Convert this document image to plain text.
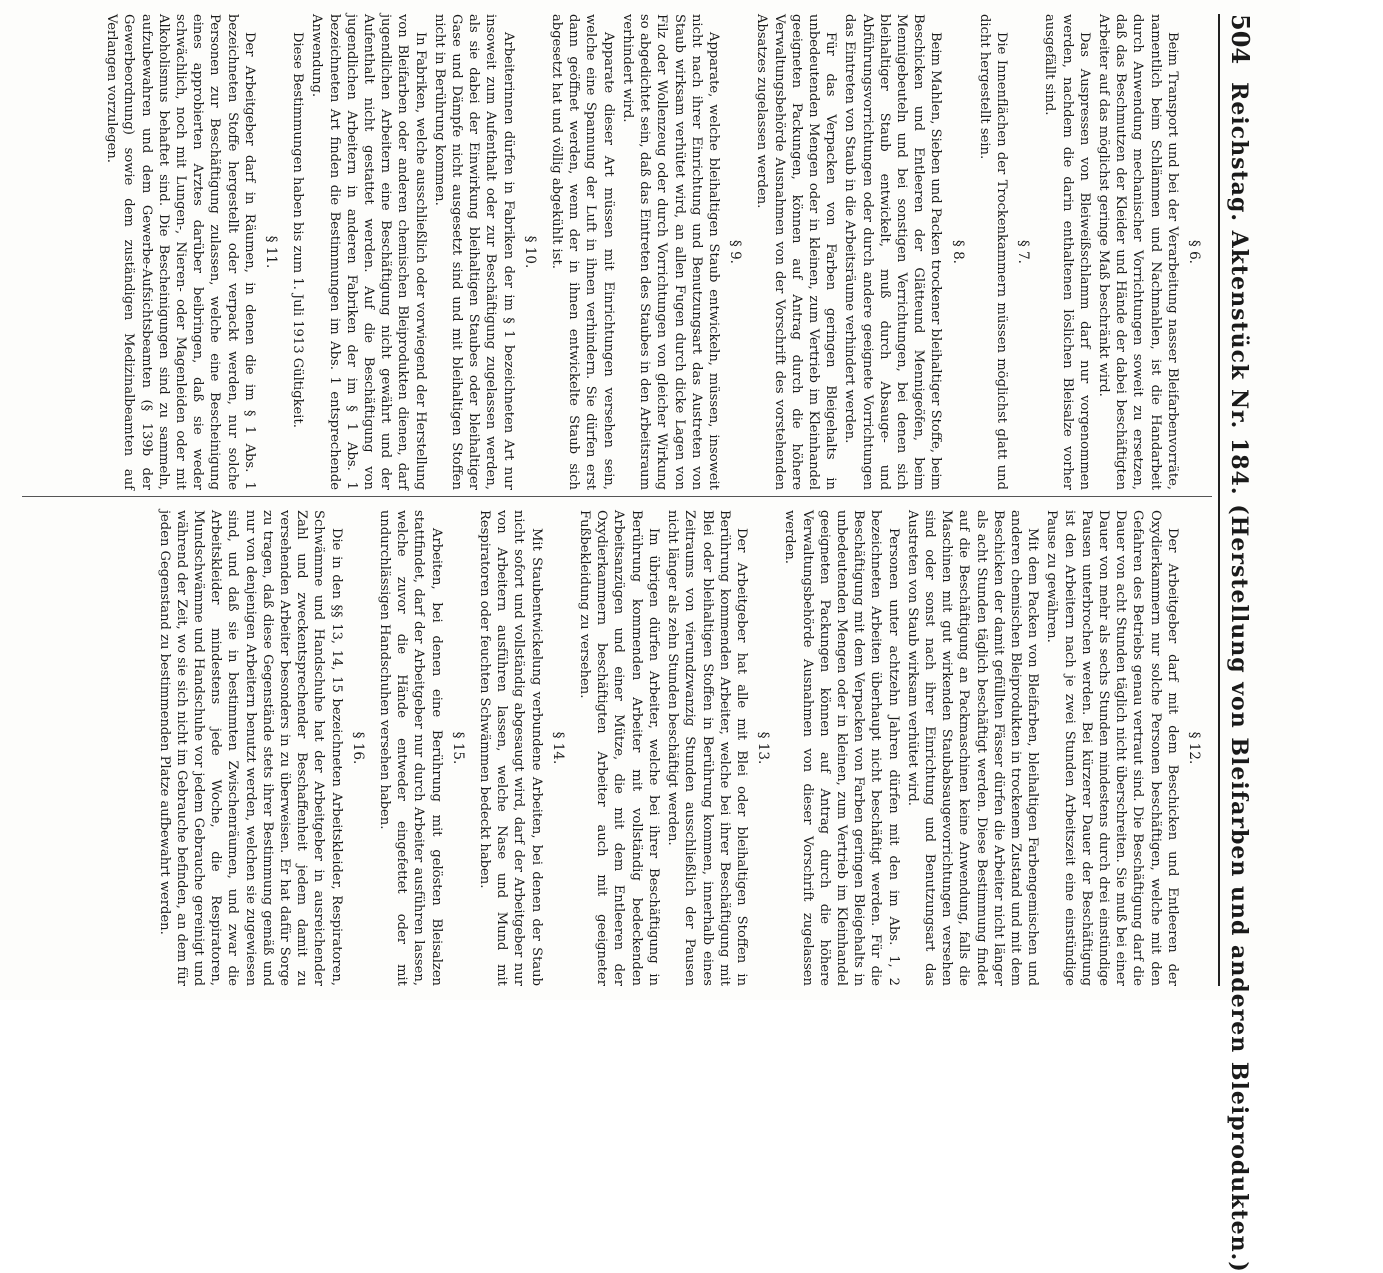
504
Reichstag. Aktenstück Nr. 184. (Herstellung von Bleifarben und anderen Bleiprodukten.)
§ 6.

Beim Transport und bei der Verarbeitung nasser Bleifarbenvorräte, namentlich beim Schlämmen und Nachmahlen, ist die Handarbeit durch Anwendung mechanischer Vorrichtungen soweit zu ersetzen, daß das Beschmutzen der Kleider und Hände der dabei beschäftigten Arbeiter auf das möglichst geringe Maß beschränkt wird.

Das Auspressen von Bleiweißschlamm darf nur vorgenommen werden, nachdem die darin enthaltenen löslichen Bleisalze vorher ausgefällt sind.

§ 7.

Die Innenflächen der Trockenkammern müssen möglichst glatt und dicht hergestellt sein.

§ 8.

Beim Mahlen, Sieben und Packen trockener bleihaltiger Stoffe, beim Beschicken und Entleeren der Glätteund Mennigeöfen, beim Mennigebeuteln und bei sonstigen Verrichtungen, bei denen sich bleihaltiger Staub entwickelt, muß durch Absauge- und Abführungsvorrichtungen oder durch andere geeignete Vorrichtungen das Eintreten von Staub in die Arbeitsräume verhindert werden.

Für das Verpacken von Farben geringen Bleigehalts in unbedeutenden Mengen oder in kleinen, zum Vertrieb im Kleinhandel geeigneten Packungen, können auf Antrag durch die höhere Verwaltungsbehörde Ausnahmen von der Vorschrift des vorstehenden Absatzes zugelassen werden.

§ 9.

Apparate, welche bleihaltigen Staub entwickeln, müssen, insoweit nicht nach ihrer Einrichtung und Benutzungsart das Austreten von Staub wirksam verhütet wird, an allen Fugen durch dicke Lagen von Filz oder Wollenzeug oder durch Vorrichtungen von gleicher Wirkung so abgedichtet sein, daß das Eintreten des Staubes in den Arbeitsraum verhindert wird.

Apparate dieser Art müssen mit Einrichtungen versehen sein, welche eine Spannung der Luft in ihnen verhindern. Sie dürfen erst dann geöffnet werden, wenn der in ihnen entwickelte Staub sich abgesetzt hat und völlig abgekühlt ist.

§ 10.

Arbeiterinnen dürfen in Fabriken der im § 1 bezeichneten Art nur insoweit zum Aufenthalt oder zur Beschäftigung zugelassen werden, als sie dabei der Einwirkung bleihaltigen Staubes oder bleihaltiger Gase und Dämpfe nicht ausgesetzt sind und mit bleihaltigen Stoffen nicht in Berührung kommen.

In Fabriken, welche ausschließlich oder vorwiegend der Herstellung von Bleifarben oder anderen chemischen Bleiprodukten dienen, darf jugendlichen Arbeitern eine Beschäftigung nicht gewährt und der Aufenthalt nicht gestattet werden. Auf die Beschäftigung von jugendlichen Arbeitern in anderen Fabriken der im § 1 Abs. 1 bezeichneten Art finden die Bestimmungen im Abs. 1 entsprechende Anwendung.

Diese Bestimmungen haben bis zum 1. Juli 1913 Gültigkeit.

§ 11.

Der Arbeitgeber darf in Räumen, in denen die im § 1 Abs. 1 bezeichneten Stoffe hergestellt oder verpackt werden, nur solche Personen zur Beschäftigung zulassen, welche eine Bescheinigung eines approbierten Arztes darüber beibringen, daß sie weder schwächlich, noch mit Lungen-, Nieren- oder Magenleiden oder mit Alkoholismus behaftet sind. Die Bescheinigungen sind zu sammeln, aufzubewahren und dem Gewerbe-Aufsichtsbeamten (§ 139b der Gewerbeordnung) sowie dem zuständigen Medizinalbeamten auf Verlangen vorzulegen.

§ 12.

Der Arbeitgeber darf mit dem Beschicken und Entleeren der Oxydierkammern nur solche Personen beschäftigen, welche mit den Gefahren des Betriebs genau vertraut sind. Die Beschäftigung darf die Dauer von acht Stunden täglich nicht überschreiten. Sie muß bei einer Dauer von mehr als sechs Stunden mindestens durch drei einstündige Pausen unterbrochen werden. Bei kürzerer Dauer der Beschäftigung ist den Arbeitern nach je zwei Stunden Arbeitszeit eine einstündige Pause zu gewähren.

Mit dem Packen von Bleifarben, bleihaltigen Farbengemischen und anderen chemischen Bleiprodukten in trockenem Zustand und mit dem Beschicken der damit gefüllten Fässer dürfen die Arbeiter nicht länger als acht Stunden täglich beschäftigt werden. Diese Bestimmung findet auf die Beschäftigung an Packmaschinen keine Anwendung, falls die Maschinen mit gut wirkenden Staubabsaugevorrichtungen versehen sind oder sonst nach ihrer Einrichtung und Benutzungsart das Austreten von Staub wirksam verhütet wird.

Personen unter achtzehn Jahren dürfen mit den im Abs. 1, 2 bezeichneten Arbeiten überhaupt nicht beschäftigt werden. Für die Beschäftigung mit dem Verpacken von Farben geringen Bleigehalts in unbedeutenden Mengen oder in kleinen, zum Vertrieb im Kleinhandel geeigneten Packungen können auf Antrag durch die höhere Verwaltungsbehörde Ausnahmen von dieser Vorschrift zugelassen werden.

§ 13.

Der Arbeitgeber hat alle mit Blei oder bleihaltigen Stoffen in Berührung kommenden Arbeiter, welche bei ihrer Beschäftigung mit Blei oder bleihaltigen Stoffen in Berührung kommen, innerhalb eines Zeitraums von vierundzwanzig Stunden ausschließlich der Pausen nicht länger als zehn Stunden beschäftigt werden.

Im übrigen dürfen Arbeiter, welche bei ihrer Beschäftigung in Berührung kommenden Arbeiter mit vollständig bedeckenden Arbeitsanzügen und einer Mütze, die mit dem Entleeren der Oxydierkammern beschäftigten Arbeiter auch mit geeigneter Fußbekleidung zu versehen.

§ 14.

Mit Staubentwickelung verbundene Arbeiten, bei denen der Staub nicht sofort und vollständig abgesaugt wird, darf der Arbeitgeber nur von Arbeitern ausführen lassen, welche Nase und Mund mit Respiratoren oder feuchten Schwämmen bedeckt haben.

§ 15.

Arbeiten, bei denen eine Berührung mit gelösten Bleisalzen stattfindet, darf der Arbeitgeber nur durch Arbeiter ausführen lassen, welche zuvor die Hände entweder eingefettet oder mit undurchlässigen Handschuhen versehen haben.

§ 16.

Die in den §§ 13, 14, 15 bezeichneten Arbeitskleider, Respiratoren, Schwämme und Handschuhe hat der Arbeitgeber in ausreichender Zahl und zweckentsprechender Beschaffenheit jedem damit zu versehenden Arbeiter besonders in zu überweisen. Er hat dafür Sorge zu tragen, daß diese Gegenstände stets ihrer Bestimmung gemäß und nur von denjenigen Arbeitern benutzt werden, welchen sie zugewiesen sind, und daß sie in bestimmten Zwischenräumen, und zwar die Arbeitskleider mindestens jede Woche, die Respiratoren, Mundschwämme und Handschuhe vor jedem Gebrauche gereinigt und während der Zeit, wo sie sich nicht im Gebrauche befinden, an dem für jeden Gegenstand zu bestimmenden Platze aufbewahrt werden.
